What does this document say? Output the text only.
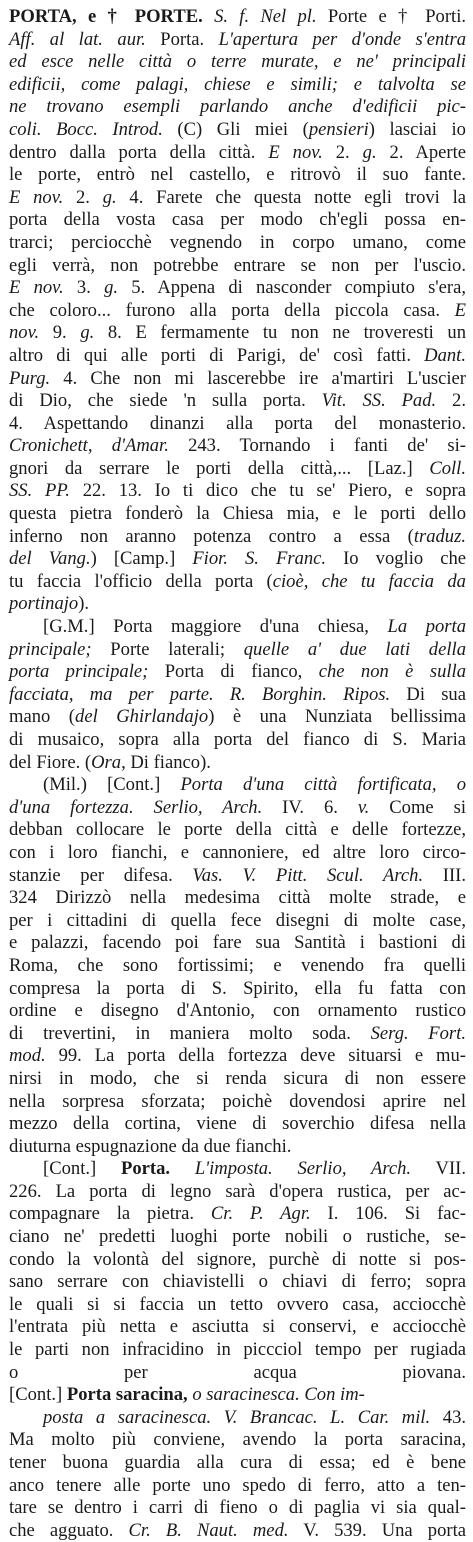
PORTA, e † PORTE. S. f. Nel pl. Porte e † Porti.
Aff. al lat. aur. Porta. L'apertura per d'onde s'entra
ed esce nelle città o terre murate, e ne' principali
edificii, come palagi, chiese e simili; e talvolta se
ne trovano esempli parlando anche d'edificii pic-
coli. Bocc. Introd. (C) Gli miei (pensieri) lasciai io
dentro dalla porta della città. E nov. 2. g. 2. Aperte
le porte, entrò nel castello, e ritrovò il suo fante.
E nov. 2. g. 4. Farete che questa notte egli trovi la
porta della vosta casa per modo ch'egli possa en-
trarci; perciocchè vegnendo in corpo umano, come
egli verrà, non potrebbe entrare se non per l'uscio.
E nov. 3. g. 5. Appena di nasconder compiuto s'era,
che coloro... furono alla porta della piccola casa. E
nov. 9. g. 8. E fermamente tu non ne troveresti un
altro di qui alle porti di Parigi, de' così fatti. Dant.
Purg. 4. Che non mi lascerebbe ire a'martiri L'uscier
di Dio, che siede 'n sulla porta. Vit. SS. Pad. 2.
4. Aspettando dinanzi alla porta del monasterio.
Cronichett, d'Amar. 243. Tornando i fanti de' si-
gnori da serrare le porti della città,... [Laz.] Coll.
SS. PP. 22. 13. Io ti dico che tu se' Piero, e sopra
questa pietra fonderò la Chiesa mia, e le porti dello
inferno non aranno potenza contro a essa (traduz.
del Vang.) [Camp.] Fior. S. Franc. Io voglio che
tu faccia l'officio della porta (cioè, che tu faccia da
portinajo).
[G.M.] Porta maggiore d'una chiesa, La porta
principale; Porte laterali; quelle a' due lati della
porta principale; Porta di fianco, che non è sulla
facciata, ma per parte. R. Borghin. Ripos. Di sua
mano (del Ghirlandajo) è una Nunziata bellissima
di musaico, sopra alla porta del fianco di S. Maria
del Fiore. (Ora, Di fianco).
(Mil.) [Cont.] Porta d'una città fortificata, o
d'una fortezza. Serlio, Arch. IV. 6. v. Come si
debban collocare le porte della città e delle fortezze,
con i loro fianchi, e cannoniere, ed altre loro circo-
stanzie per difesa. Vas. V. Pitt. Scul. Arch. III.
324 Dirizzò nella medesima città molte strade, e
per i cittadini di quella fece disegni di molte case,
e palazzi, facendo poi fare sua Santità i bastioni di
Roma, che sono fortissimi; e venendo fra quelli
compresa la porta di S. Spirito, ella fu fatta con
ordine e disegno d'Antonio, con ornamento rustico
di trevertini, in maniera molto soda. Serg. Fort.
mod. 99. La porta della fortezza deve situarsi e mu-
nirsi in modo, che si renda sicura di non essere
nella sorpresa sforzata; poichè dovendosi aprire nel
mezzo della cortina, viene di soverchio difesa nella
diuturna espugnazione da due fianchi.
[Cont.] Porta. L'imposta. Serlio, Arch. VII.
226. La porta di legno sarà d'opera rustica, per ac-
compagnare la pietra. Cr. P. Agr. I. 106. Si fac-
ciano ne' predetti luoghi porte nobili o rustiche, se-
condo la volontà del signore, purchè di notte si pos-
sano serrare con chiavistelli o chiavi di ferro; sopra
le quali si si faccia un tetto ovvero casa, acciocchè
l'entrata più netta e asciutta si conservi, e acciocchè
le parti non infracidino in piccciol tempo per rugiada
o per acqua piovana.
[Cont.] Porta saracina, o saracinesca. Con im-
posta a saracinesca. V. Brancac. L. Car. mil. 43.
Ma molto più conviene, avendo la porta saracina,
tener buona guardia alla cura di essa; ed è bene
anco tenere alle porte uno spedo di ferro, atto a ten-
tare se dentro i carri di fieno o di paglia vi sia qual-
che agguato. Cr. B. Naut. med. V. 539. Una porta
